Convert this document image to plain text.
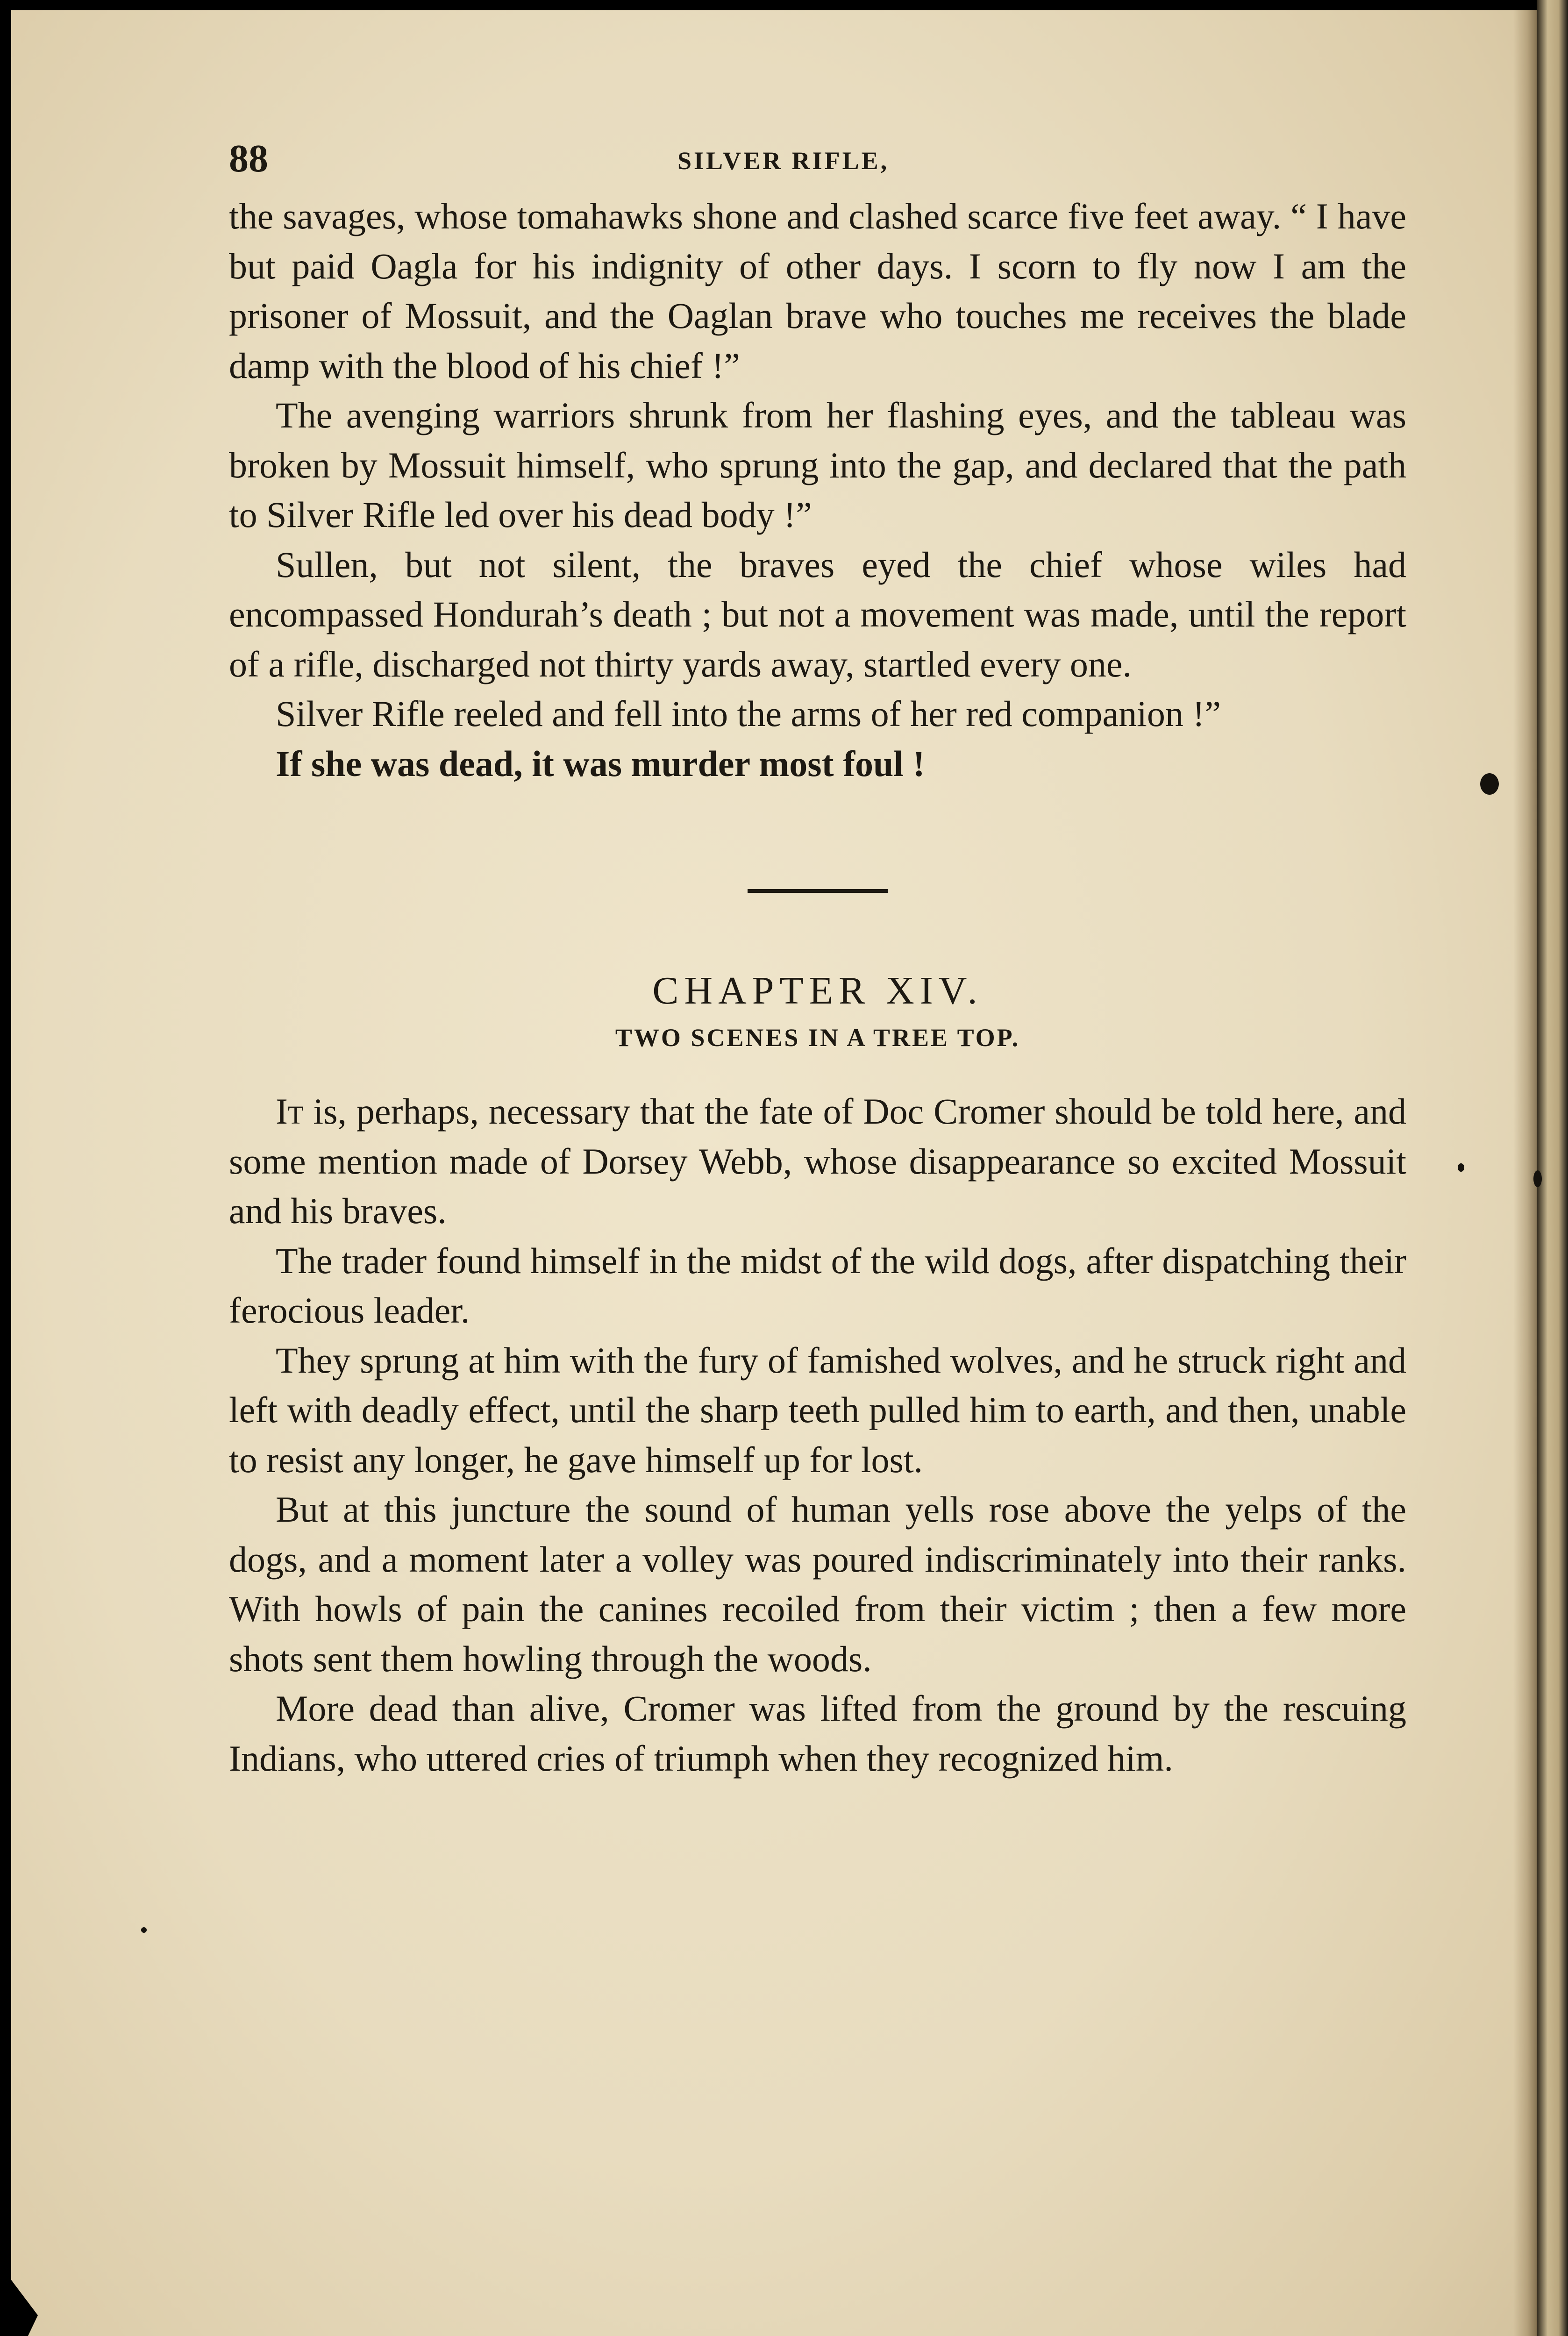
88	SILVER RIFLE,

the savages, whose tomahawks shone and clashed scarce five feet away. “ I have but paid Oagla for his indignity of other days. I scorn to fly now I am the prisoner of Mossuit, and the Oaglan brave who touches me receives the blade damp with the blood of his chief !”

The avenging warriors shrunk from her flashing eyes, and the tableau was broken by Mossuit himself, who sprung into the gap, and declared that the path to Silver Rifle led over his dead body !”

Sullen, but not silent, the braves eyed the chief whose wiles had encompassed Hondurah’s death ; but not a movement was made, until the report of a rifle, discharged not thirty yards away, startled every one.

Silver Rifle reeled and fell into the arms of her red companion !”

If she was dead, it was murder most foul !

CHAPTER XIV.

TWO SCENES IN A TREE TOP.

It is, perhaps, necessary that the fate of Doc Cromer should be told here, and some mention made of Dorsey Webb, whose disappearance so excited Mossuit and his braves.

The trader found himself in the midst of the wild dogs, after dispatching their ferocious leader.

They sprung at him with the fury of famished wolves, and he struck right and left with deadly effect, until the sharp teeth pulled him to earth, and then, unable to resist any longer, he gave himself up for lost.

But at this juncture the sound of human yells rose above the yelps of the dogs, and a moment later a volley was poured indiscriminately into their ranks. With howls of pain the canines recoiled from their victim ; then a few more shots sent them howling through the woods.

More dead than alive, Cromer was lifted from the ground by the rescuing Indians, who uttered cries of triumph when they recognized him.
